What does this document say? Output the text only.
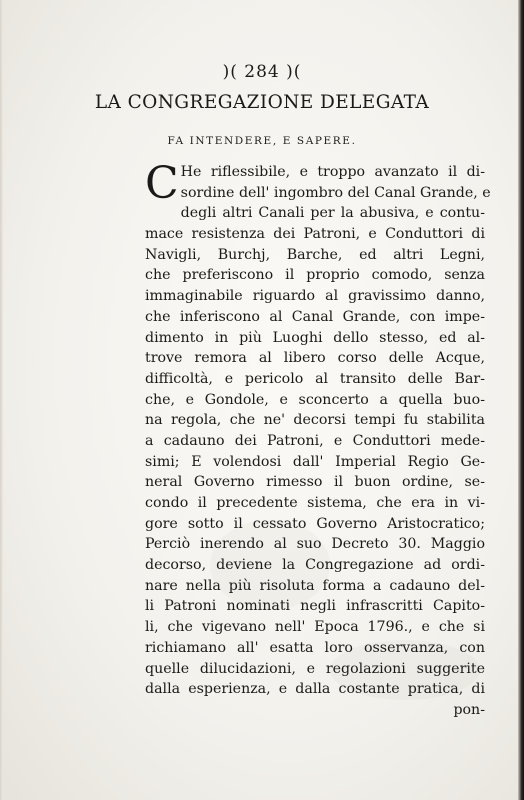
)( 284 )(
LA CONGREGAZIONE DELEGATA
FA INTENDERE, E SAPERE.
C He riflessibile, e troppo avanzato il di-
sordine dell' ingombro del Canal Grande, e
degli altri Canali per la abusiva, e contu-
mace resistenza dei Patroni, e Conduttori di
Navigli, Burchj, Barche, ed altri Legni,
che preferiscono il proprio comodo, senza
immaginabile riguardo al gravissimo danno,
che inferiscono al Canal Grande, con impe-
dimento in più Luoghi dello stesso, ed al-
trove remora al libero corso delle Acque,
difficoltà, e pericolo al transito delle Bar-
che, e Gondole, e sconcerto a quella buo-
na regola, che ne' decorsi tempi fu stabilita
a cadauno dei Patroni, e Conduttori mede-
simi; E volendosi dall' Imperial Regio Ge-
neral Governo rimesso il buon ordine, se-
condo il precedente sistema, che era in vi-
gore sotto il cessato Governo Aristocratico;
Perciò inerendo al suo Decreto 30. Maggio
decorso, deviene la Congregazione ad ordi-
nare nella più risoluta forma a cadauno del-
li Patroni nominati negli infrascritti Capito-
li, che vigevano nell' Epoca 1796., e che si
richiamano all' esatta loro osservanza, con
quelle dilucidazioni, e regolazioni suggerite
dalla esperienza, e dalla costante pratica, di
pon-
